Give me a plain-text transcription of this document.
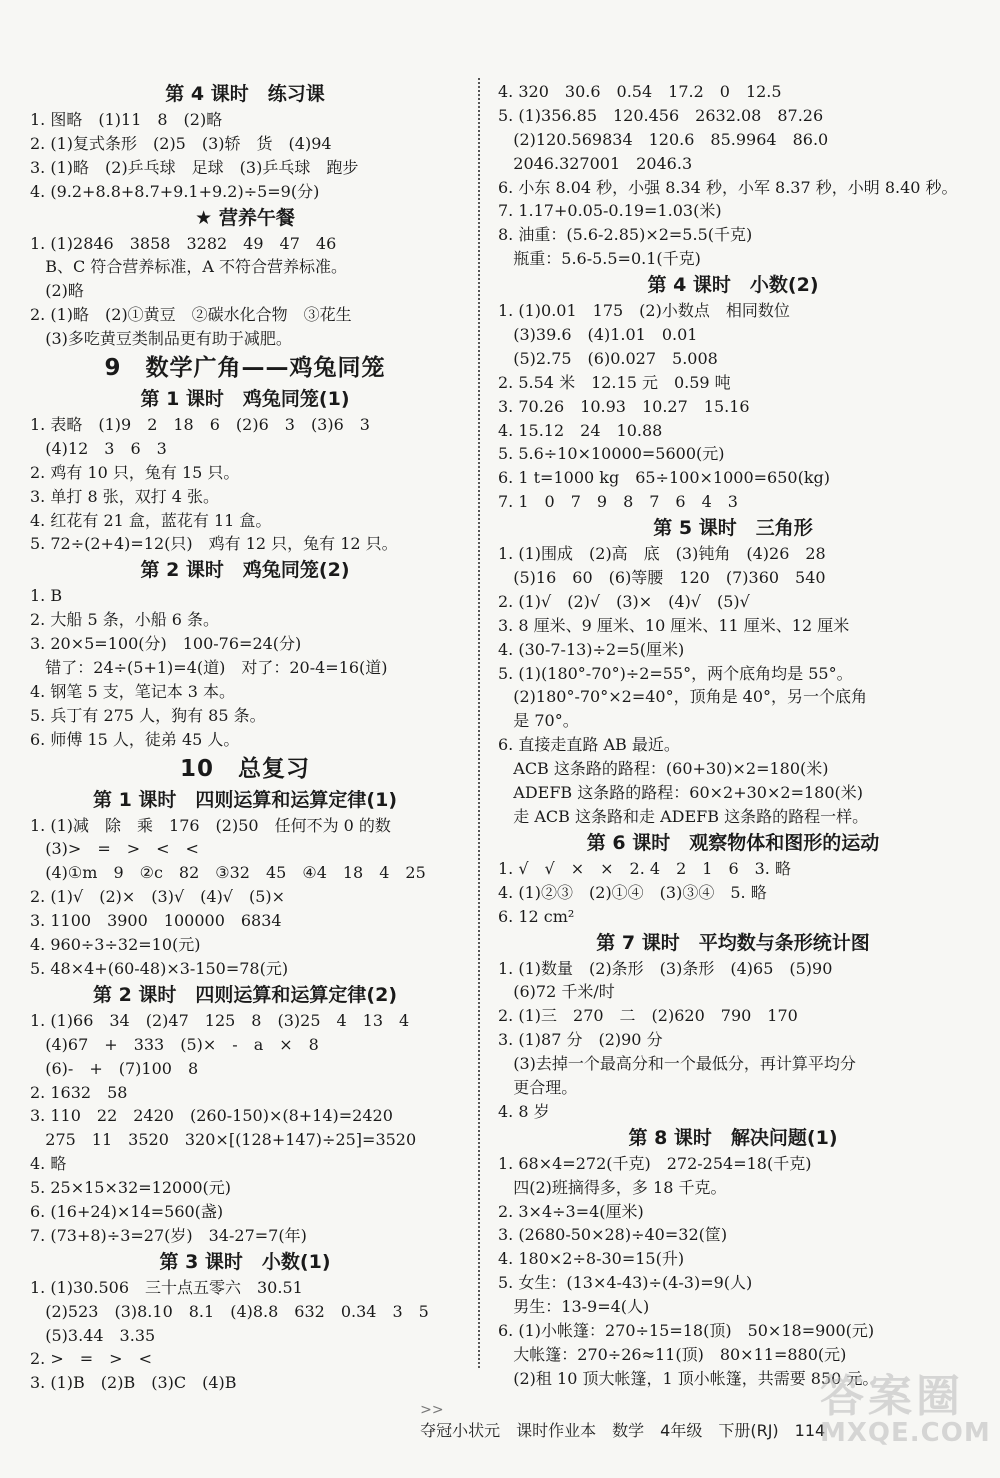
第 4 课时　练习课
1. 图略　(1)11　8　(2)略
2. (1)复式条形　(2)5　(3)轿　货　(4)94
3. (1)略　(2)乒乓球　足球　(3)乒乓球　跑步
4. (9.2+8.8+8.7+9.1+9.2)÷5=9(分)
★ 营养午餐
1. (1)2846　3858　3282　49　47　46
B、C 符合营养标准，A 不符合营养标准。
(2)略
2. (1)略　(2)①黄豆　②碳水化合物　③花生
(3)多吃黄豆类制品更有助于减肥。
9　数学广角——鸡兔同笼
第 1 课时　鸡兔同笼(1)
1. 表略　(1)9　2　18　6　(2)6　3　(3)6　3
(4)12　3　6　3
2. 鸡有 10 只，兔有 15 只。
3. 单打 8 张，双打 4 张。
4. 红花有 21 盒，蓝花有 11 盒。
5. 72÷(2+4)=12(只)　鸡有 12 只，兔有 12 只。
第 2 课时　鸡兔同笼(2)
1. B
2. 大船 5 条，小船 6 条。
3. 20×5=100(分)　100-76=24(分)
错了：24÷(5+1)=4(道)　对了：20-4=16(道)
4. 钢笔 5 支，笔记本 3 本。
5. 兵丁有 275 人，狗有 85 条。
6. 师傅 15 人，徒弟 45 人。
10　总复习
第 1 课时　四则运算和运算定律(1)
1. (1)减　除　乘　176　(2)50　任何不为 0 的数
(3)>　=　>　<　<
(4)①m　9　②c　82　③32　45　④4　18　4　25
2. (1)√　(2)×　(3)√　(4)√　(5)×
3. 1100　3900　100000　6834
4. 960÷3÷32=10(元)
5. 48×4+(60-48)×3-150=78(元)
第 2 课时　四则运算和运算定律(2)
1. (1)66　34　(2)47　125　8　(3)25　4　13　4
(4)67　+　333　(5)×　-　a　×　8
(6)-　+　(7)100　8
2. 1632　58
3. 110　22　2420　(260-150)×(8+14)=2420
275　11　3520　320×[(128+147)÷25]=3520
4. 略
5. 25×15×32=12000(元)
6. (16+24)×14=560(盏)
7. (73+8)÷3=27(岁)　34-27=7(年)
第 3 课时　小数(1)
1. (1)30.506　三十点五零六　30.51
(2)523　(3)8.10　8.1　(4)8.8　632　0.34　3　5
(5)3.44　3.35
2. >　=　>　<
3. (1)B　(2)B　(3)C　(4)B
4. 320　30.6　0.54　17.2　0　12.5
5. (1)356.85　120.456　2632.08　87.26
(2)120.569834　120.6　85.9964　86.0
2046.327001　2046.3
6. 小东 8.04 秒，小强 8.34 秒，小军 8.37 秒，小明 8.40 秒。
7. 1.17+0.05-0.19=1.03(米)
8. 油重：(5.6-2.85)×2=5.5(千克)
瓶重：5.6-5.5=0.1(千克)
第 4 课时　小数(2)
1. (1)0.01　175　(2)小数点　相同数位
(3)39.6　(4)1.01　0.01
(5)2.75　(6)0.027　5.008
2. 5.54 米　12.15 元　0.59 吨
3. 70.26　10.93　10.27　15.16
4. 15.12　24　10.88
5. 5.6÷10×10000=5600(元)
6. 1 t=1000 kg　65÷100×1000=650(kg)
7. 1　0　7　9　8　7　6　4　3
第 5 课时　三角形
1. (1)围成　(2)高　底　(3)钝角　(4)26　28
(5)16　60　(6)等腰　120　(7)360　540
2. (1)√　(2)√　(3)×　(4)√　(5)√
3. 8 厘米、9 厘米、10 厘米、11 厘米、12 厘米
4. (30-7-13)÷2=5(厘米)
5. (1)(180°-70°)÷2=55°，两个底角均是 55°。
(2)180°-70°×2=40°，顶角是 40°，另一个底角
是 70°。
6. 直接走直路 AB 最近。
ACB 这条路的路程：(60+30)×2=180(米)
ADEFB 这条路的路程：60×2+30×2=180(米)
走 ACB 这条路和走 ADEFB 这条路的路程一样。
第 6 课时　观察物体和图形的运动
1. √　√　×　×　2. 4　2　1　6　3. 略
4. (1)②③　(2)①④　(3)③④　5. 略
6. 12 cm²
第 7 课时　平均数与条形统计图
1. (1)数量　(2)条形　(3)条形　(4)65　(5)90
(6)72 千米/时
2. (1)三　270　二　(2)620　790　170
3. (1)87 分　(2)90 分
(3)去掉一个最高分和一个最低分，再计算平均分
更合理。
4. 8 岁
第 8 课时　解决问题(1)
1. 68×4=272(千克)　272-254=18(千克)
四(2)班摘得多，多 18 千克。
2. 3×4÷3=4(厘米)
3. (2680-50×28)÷40=32(筐)
4. 180×2÷8-30=15(升)
5. 女生：(13×4-43)÷(4-3)=9(人)
男生：13-9=4(人)
6. (1)小帐篷：270÷15=18(顶)　50×18=900(元)
大帐篷：270÷26≈11(顶)　80×11=880(元)
(2)租 10 顶大帐篷，1 顶小帐篷，共需要 850 元。

>>
夺冠小状元　课时作业本　数学　4年级　下册(RJ)　114

答案圈
MXQE.COM
